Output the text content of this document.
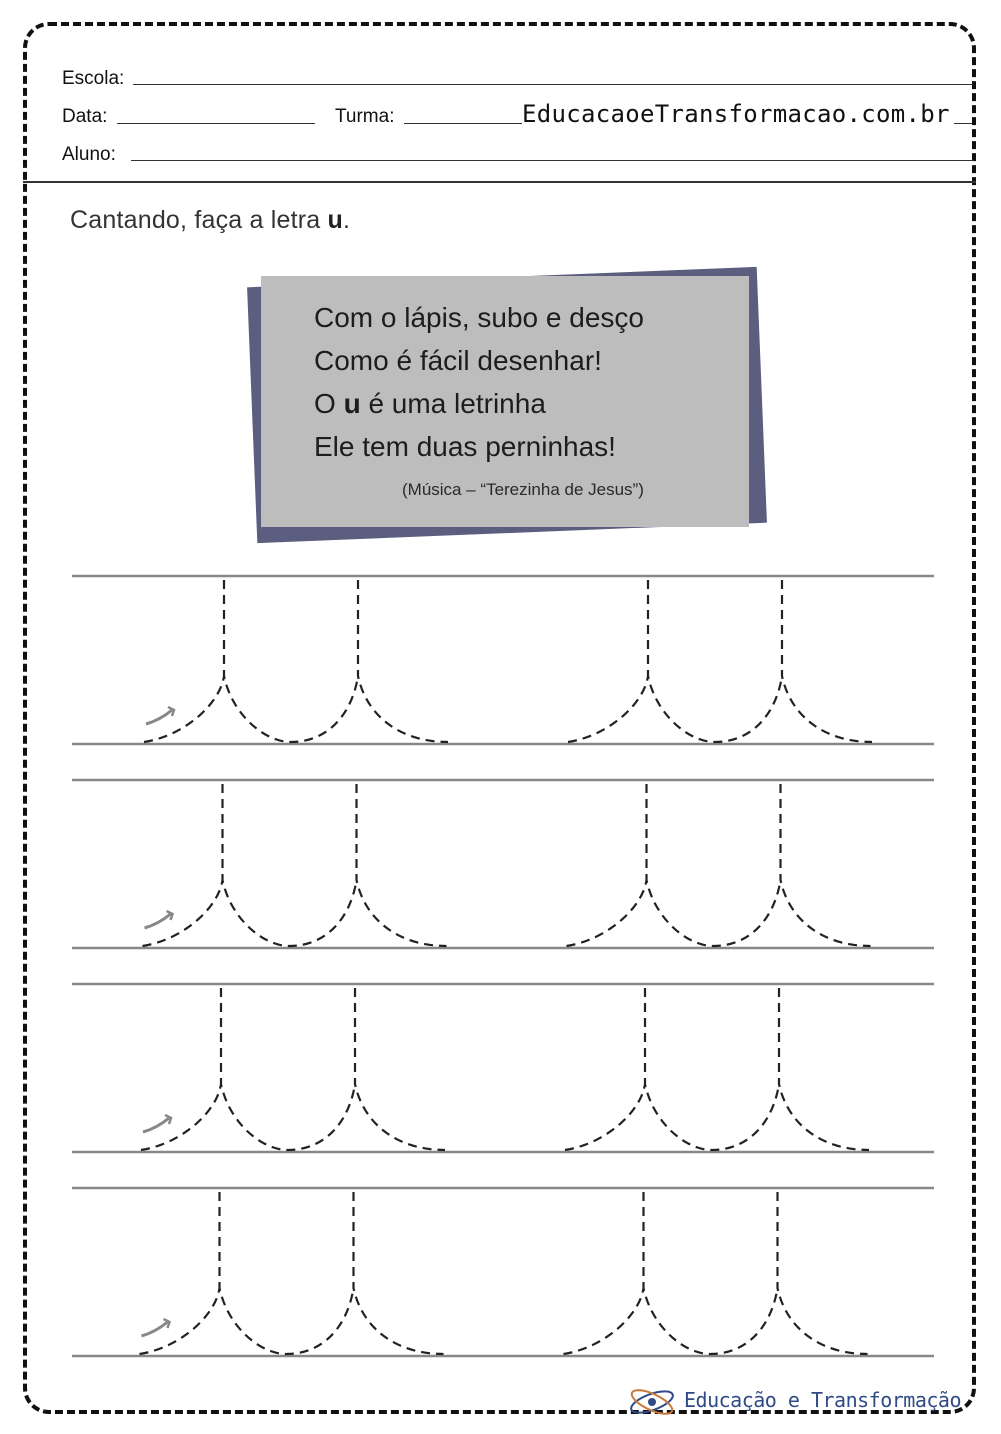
Escola:
Data:	Turma:	EducacaoeTransformacao.com.br
Aluno:
Cantando, faça a letra u.
Com o lápis, subo e desço
Como é fácil desenhar!
O u é uma letrinha
Ele tem duas perninhas!
(Música – “Terezinha de Jesus”)
Educação e Transformação
